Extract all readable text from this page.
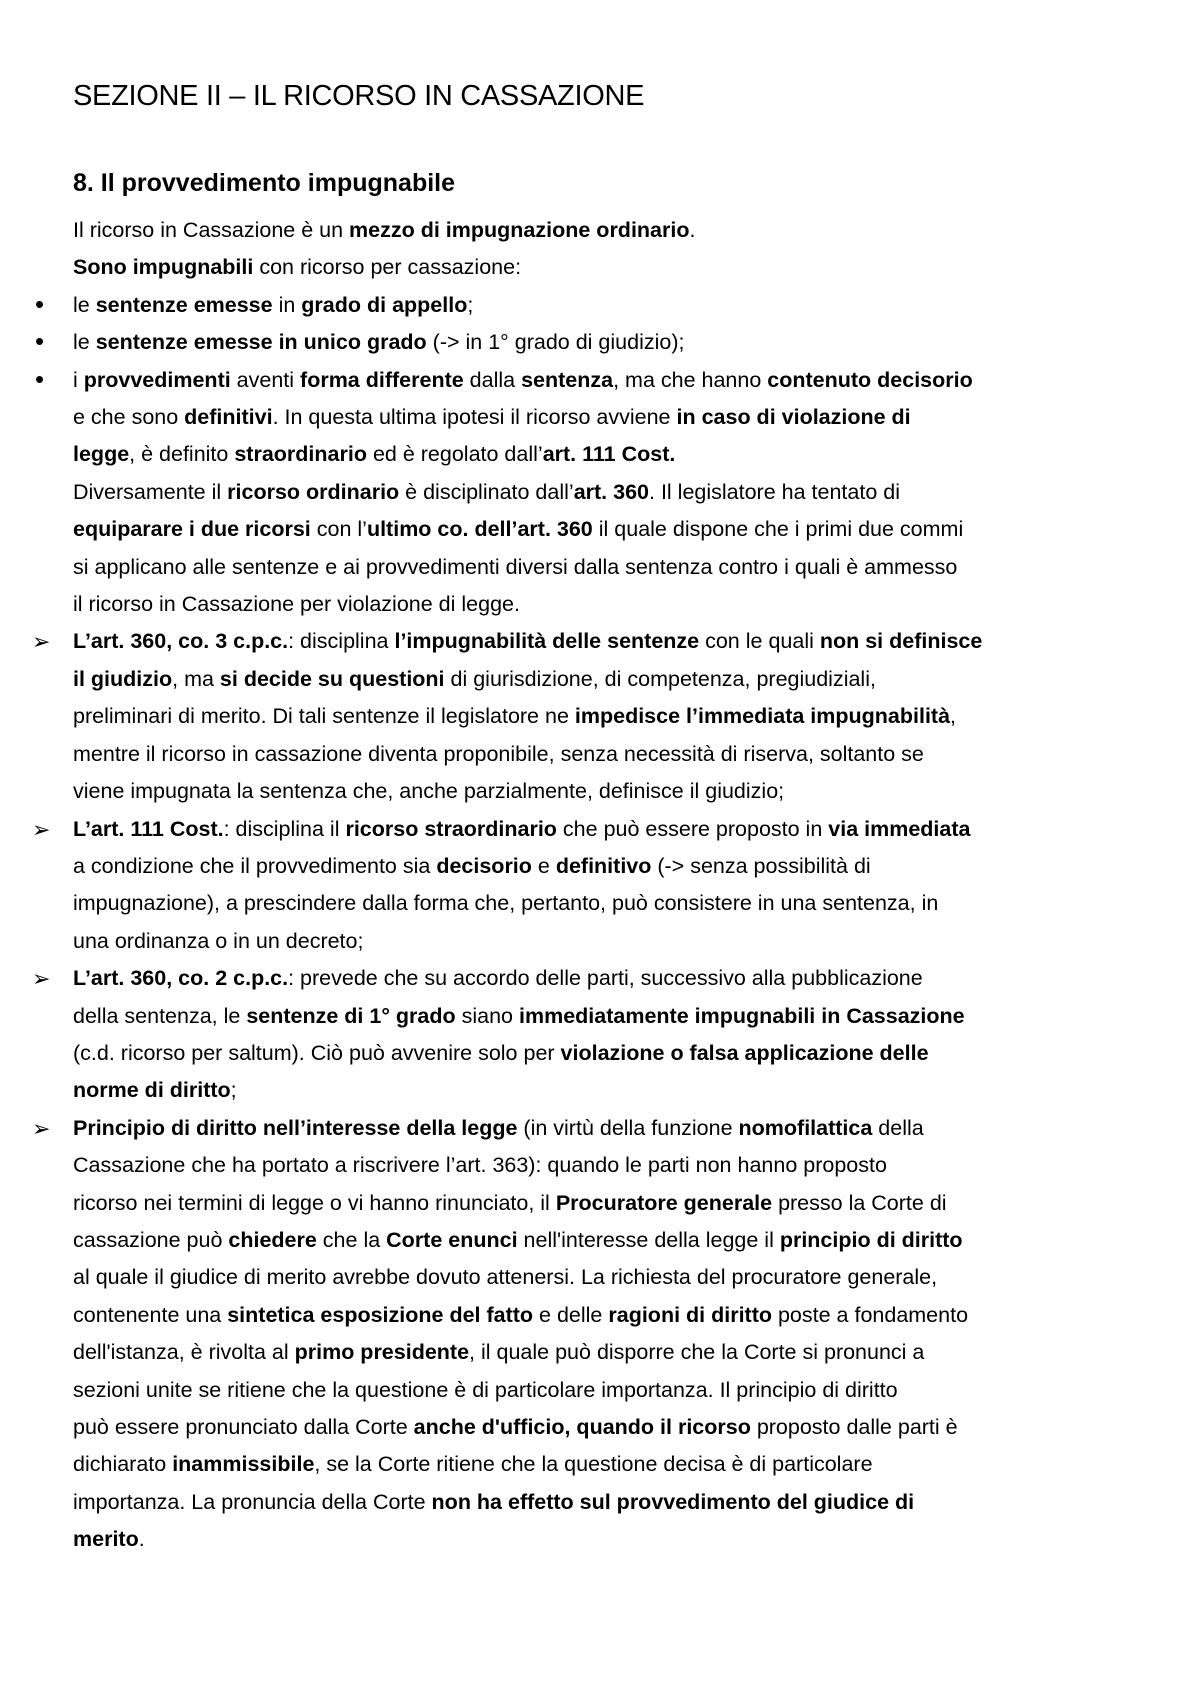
SEZIONE II – IL RICORSO IN CASSAZIONE
8. Il provvedimento impugnabile
Il ricorso in Cassazione è un mezzo di impugnazione ordinario.
Sono impugnabili con ricorso per cassazione:
• le sentenze emesse in grado di appello;
• le sentenze emesse in unico grado (-> in 1° grado di giudizio);
• i provvedimenti aventi forma differente dalla sentenza, ma che hanno contenuto decisorio
e che sono definitivi. In questa ultima ipotesi il ricorso avviene in caso di violazione di
legge, è definito straordinario ed è regolato dall’art. 111 Cost.
Diversamente il ricorso ordinario è disciplinato dall’art. 360. Il legislatore ha tentato di
equiparare i due ricorsi con l’ultimo co. dell’art. 360 il quale dispone che i primi due commi
si applicano alle sentenze e ai provvedimenti diversi dalla sentenza contro i quali è ammesso
il ricorso in Cassazione per violazione di legge.
➢ L’art. 360, co. 3 c.p.c.: disciplina l’impugnabilità delle sentenze con le quali non si definisce
il giudizio, ma si decide su questioni di giurisdizione, di competenza, pregiudiziali,
preliminari di merito. Di tali sentenze il legislatore ne impedisce l’immediata impugnabilità,
mentre il ricorso in cassazione diventa proponibile, senza necessità di riserva, soltanto se
viene impugnata la sentenza che, anche parzialmente, definisce il giudizio;
➢ L’art. 111 Cost.: disciplina il ricorso straordinario che può essere proposto in via immediata
a condizione che il provvedimento sia decisorio e definitivo (-> senza possibilità di
impugnazione), a prescindere dalla forma che, pertanto, può consistere in una sentenza, in
una ordinanza o in un decreto;
➢ L’art. 360, co. 2 c.p.c.: prevede che su accordo delle parti, successivo alla pubblicazione
della sentenza, le sentenze di 1° grado siano immediatamente impugnabili in Cassazione
(c.d. ricorso per saltum). Ciò può avvenire solo per violazione o falsa applicazione delle
norme di diritto;
➢ Principio di diritto nell’interesse della legge (in virtù della funzione nomofilattica della
Cassazione che ha portato a riscrivere l’art. 363): quando le parti non hanno proposto
ricorso nei termini di legge o vi hanno rinunciato, il Procuratore generale presso la Corte di
cassazione può chiedere che la Corte enunci nell'interesse della legge il principio di diritto
al quale il giudice di merito avrebbe dovuto attenersi. La richiesta del procuratore generale,
contenente una sintetica esposizione del fatto e delle ragioni di diritto poste a fondamento
dell'istanza, è rivolta al primo presidente, il quale può disporre che la Corte si pronunci a
sezioni unite se ritiene che la questione è di particolare importanza. Il principio di diritto
può essere pronunciato dalla Corte anche d'ufficio, quando il ricorso proposto dalle parti è
dichiarato inammissibile, se la Corte ritiene che la questione decisa è di particolare
importanza. La pronuncia della Corte non ha effetto sul provvedimento del giudice di
merito.
